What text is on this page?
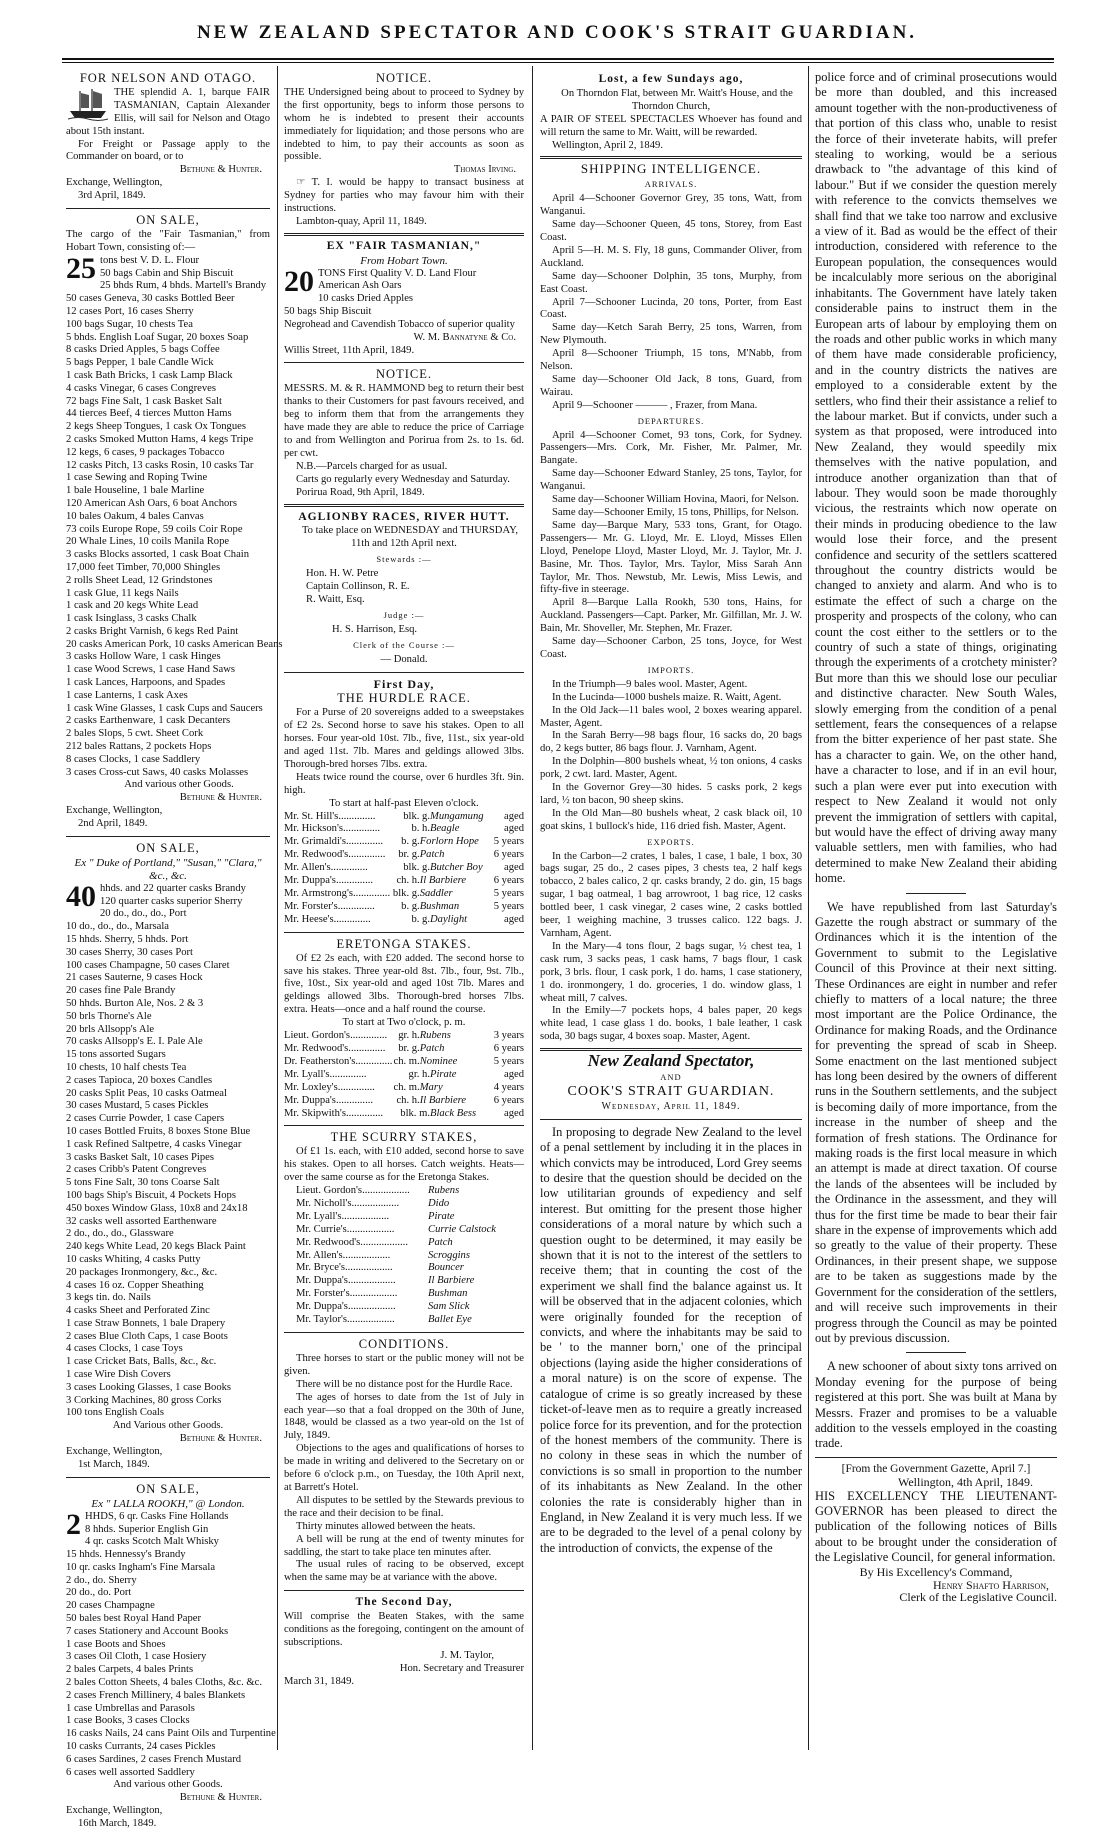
NEW ZEALAND SPECTATOR AND COOK'S STRAIT GUARDIAN.
FOR NELSON AND OTAGO.
THE splendid A. 1, barque FAIR TASMANIAN, Captain Alexander Ellis, will sail for Nelson and Otago about 15th instant.
For Freight or Passage apply to the Commander on board, or to
Bethune & Hunter.
Exchange, Wellington,
3rd April, 1849.
ON SALE,
The cargo of the "Fair Tasmanian," from Hobart Town, consisting of:—
25 tons best V. D. L. Flour
50 bags Cabin and Ship Biscuit
25 bhds Rum, 4 bhds. Martell's Brandy
50 cases Geneva, 30 casks Bottled Beer
12 cases Port, 16 cases Sherry
100 bags Sugar, 10 chests Tea
5 bhds. English Loaf Sugar, 20 boxes Soap
8 casks Dried Apples, 5 bags Coffee
5 bags Pepper, 1 bale Candle Wick
1 cask Bath Bricks, 1 cask Lamp Black
4 casks Vinegar, 6 cases Congreves
72 bags Fine Salt, 1 cask Basket Salt
44 tierces Beef, 4 tierces Mutton Hams
2 kegs Sheep Tongues, 1 cask Ox Tongues
2 casks Smoked Mutton Hams, 4 kegs Tripe
12 kegs, 6 cases, 9 packages Tobacco
12 casks Pitch, 13 casks Rosin, 10 casks Tar
1 case Sewing and Roping Twine
1 bale Houseline, 1 bale Marline
120 American Ash Oars, 6 boat Anchors
10 bales Oakum, 4 bales Canvas
73 coils Europe Rope, 59 coils Coir Rope
20 Whale Lines, 10 coils Manila Rope
3 casks Blocks assorted, 1 cask Boat Chain
17,000 feet Timber, 70,000 Shingles
2 rolls Sheet Lead, 12 Grindstones
1 cask Glue, 11 kegs Nails
1 cask and 20 kegs White Lead
1 cask Isinglass, 3 casks Chalk
2 casks Bright Varnish, 6 kegs Red Paint
20 casks American Pork, 10 casks American Beans
3 casks Hollow Ware, 1 cask Hinges
1 case Wood Screws, 1 case Hand Saws
1 cask Lances, Harpoons, and Spades
1 case Lanterns, 1 cask Axes
1 cask Wine Glasses, 1 cask Cups and Saucers
2 casks Earthenware, 1 cask Decanters
2 bales Slops, 5 cwt. Sheet Cork
212 bales Rattans, 2 pockets Hops
8 cases Clocks, 1 case Saddlery
3 cases Cross-cut Saws, 40 casks Molasses
And various other Goods.
Bethune & Hunter.
Exchange, Wellington,
2nd April, 1849.
ON SALE,
Ex " Duke of Portland," "Susan," "Clara," &c., &c.
40 hhds. and 22 quarter casks Brandy
120 quarter casks superior Sherry
20 do., do., do., Port
10 do., do., do., Marsala
15 hhds. Sherry, 5 hhds. Port
30 cases Sherry, 30 cases Port
100 cases Champagne, 50 cases Claret
21 cases Sauterne, 9 cases Hock
20 cases fine Pale Brandy
50 hhds. Burton Ale, Nos. 2 & 3
50 brls Thorne's Ale
20 brls Allsopp's Ale
70 casks Allsopp's E. I. Pale Ale
15 tons assorted Sugars
10 chests, 10 half chests Tea
2 cases Tapioca, 20 boxes Candles
20 casks Split Peas, 10 casks Oatmeal
30 cases Mustard, 5 cases Pickles
2 cases Currie Powder, 1 case Capers
10 cases Bottled Fruits, 8 boxes Stone Blue
1 cask Refined Saltpetre, 4 casks Vinegar
3 casks Basket Salt, 10 cases Pipes
2 cases Cribb's Patent Congreves
5 tons Fine Salt, 30 tons Coarse Salt
100 bags Ship's Biscuit, 4 Pockets Hops
450 boxes Window Glass, 10x8 and 24x18
32 casks well assorted Earthenware
2 do., do., do., Glassware
240 kegs White Lead, 20 kegs Black Paint
10 casks Whiting, 4 casks Putty
20 packages Ironmongery, &c., &c.
4 cases 16 oz. Copper Sheathing
3 kegs tin. do. Nails
4 casks Sheet and Perforated Zinc
1 case Straw Bonnets, 1 bale Drapery
2 cases Blue Cloth Caps, 1 case Boots
4 cases Clocks, 1 case Toys
1 case Cricket Bats, Balls, &c., &c.
1 case Wire Dish Covers
3 cases Looking Glasses, 1 case Books
3 Corking Machines, 80 gross Corks
100 tons English Coals
And Various other Goods.
Bethune & Hunter.
Exchange, Wellington,
1st March, 1849.
ON SALE,
Ex " LALLA ROOKH," @ London.
2 HHDS, 6 qr. Casks Fine Hollands
8 hhds. Superior English Gin
4 qr. casks Scotch Malt Whisky
15 hhds. Hennessy's Brandy
10 qr. casks Ingham's Fine Marsala
2 do., do. Sherry
20 do., do. Port
20 cases Champagne
50 bales best Royal Hand Paper
7 cases Stationery and Account Books
1 case Boots and Shoes
3 cases Oil Cloth, 1 case Hosiery
2 bales Carpets, 4 bales Prints
2 bales Cotton Sheets, 4 bales Cloths, &c. &c.
2 cases French Millinery, 4 bales Blankets
1 case Umbrellas and Parasols
1 case Books, 3 cases Clocks
16 casks Nails, 24 cans Paint Oils and Turpentine
10 casks Currants, 24 cases Pickles
6 cases Sardines, 2 cases French Mustard
6 cases well assorted Saddlery
And various other Goods.
Bethune & Hunter.
Exchange, Wellington,
16th March, 1849.
NOTICE.
THE Undersigned being about to proceed to Sydney by the first opportunity, begs to inform those persons to whom he is indebted to present their accounts immediately for liquidation; and those persons who are indebted to him, to pay their accounts as soon as possible.
Thomas Irving.
☞ T. I. would be happy to transact business at Sydney for parties who may favour him with their instructions.
Lambton-quay, April 11, 1849.
EX "FAIR TASMANIAN,"
From Hobart Town.
20 TONS First Quality V. D. Land Flour
American Ash Oars
10 casks Dried Apples
50 bags Ship Biscuit
Negrohead and Cavendish Tobacco of superior quality
W. M. Bannatyne & Co.
Willis Street, 11th April, 1849.
NOTICE.
MESSRS. M. & R. HAMMOND beg to return their best thanks to their Customers for past favours received, and beg to inform them that from the arrangements they have made they are able to reduce the price of Carriage to and from Wellington and Porirua from 2s. to 1s. 6d. per cwt.
N.B.—Parcels charged for as usual.
Carts go regularly every Wednesday and Saturday.
Porirua Road, 9th April, 1849.
AGLIONBY RACES, RIVER HUTT.
To take place on WEDNESDAY and THURSDAY, 11th and 12th April next.
Stewards :—
Hon. H. W. Petre
Captain Collinson, R. E.
R. Waitt, Esq.
Judge :—
H. S. Harrison, Esq.
Clerk of the Course :—
— Donald.
First Day,
THE HURDLE RACE.
For a Purse of 20 sovereigns added to a sweepstakes of £2 2s. Second horse to save his stakes. Open to all horses. Four year-old 10st. 7lb., five, 11st., six year-old and aged 11st. 7lb. Mares and geldings allowed 3lbs. Thorough-bred horses 7lbs. extra.
Heats twice round the course, over 6 hurdles 3ft. 9in. high.
To start at half-past Eleven o'clock.
Mr. St. Hill's ..............	blk. g. Mungamung	aged
Mr. Hickson's ..............	b. h. Beagle	aged
Mr. Grimaldi's ..............	b. g. Forlorn Hope	5 years
Mr. Redwood's ..............	br. g. Patch	6 years
Mr. Allen's ..............	blk. g. Butcher Boy	aged
Mr. Duppa's ..............	ch. h. Il Barbiere	6 years
Mr. Armstrong's .............. blk. g. Saddler	5 years
Mr. Forster's ..............	b. g. Bushman	5 years
Mr. Heese's ..............	b. g. Daylight	aged
ERETONGA STAKES.
Of £2 2s each, with £20 added. The second horse to save his stakes. Three year-old 8st. 7lb., four, 9st. 7lb., five, 10st., Six year-old and aged 10st 7lb. Mares and geldings allowed 3lbs. Thorough-bred horses 7lbs. extra. Heats—once and a half round the course.
To start at Two o'clock, p. m.
Lieut. Gordon's ..............	gr. h. Rubens	3 years
Mr. Redwood's ..............	br. g. Patch	6 years
Dr. Featherston's .............. ch. m. Nominee	5 years
Mr. Lyall's ..............	gr. h. Pirate	aged
Mr. Loxley's ..............	ch. m. Mary	4 years
Mr. Duppa's ..............	ch. h. Il Barbiere	6 years
Mr. Skipwith's ..............	blk. m. Black Bess	aged
THE SCURRY STAKES,
Of £1 1s. each, with £10 added, second horse to save his stakes. Open to all horses. Catch weights. Heats—over the same course as for the Eretonga Stakes.
Lieut. Gordon's ..................	Rubens
Mr. Nicholl's ..................	Dido
Mr. Lyall's ..................	Pirate
Mr. Currie's ..................	Currie Calstock
Mr. Redwood's ..................	Patch
Mr. Allen's ..................	Scroggins
Mr. Bryce's ..................	Bouncer
Mr. Duppa's ..................	Il Barbiere
Mr. Forster's ..................	Bushman
Mr. Duppa's ..................	Sam Slick
Mr. Taylor's ..................	Ballet Eye
CONDITIONS.
Three horses to start or the public money will not be given.
There will be no distance post for the Hurdle Race.
The ages of horses to date from the 1st of July in each year—so that a foal dropped on the 30th of June, 1848, would be classed as a two year-old on the 1st of July, 1849.
Objections to the ages and qualifications of horses to be made in writing and delivered to the Secretary on or before 6 o'clock p.m., on Tuesday, the 10th April next, at Barrett's Hotel.
All disputes to be settled by the Stewards previous to the race and their decision to be final.
Thirty minutes allowed between the heats.
A bell will be rung at the end of twenty minutes for saddling, the start to take place ten minutes after.
The usual rules of racing to be observed, except when the same may be at variance with the above.
The Second Day,
Will comprise the Beaten Stakes, with the same conditions as the foregoing, contingent on the amount of subscriptions.
J. M. Taylor,
Hon. Secretary and Treasurer
March 31, 1849.
Lost, a few Sundays ago,
On Thorndon Flat, between Mr. Waitt's House, and the Thorndon Church,
A PAIR OF STEEL SPECTACLES Whoever has found and will return the same to Mr. Waitt, will be rewarded.
Wellington, April 2, 1849.
SHIPPING INTELLIGENCE.
ARRIVALS.
April 4—Schooner Governor Grey, 35 tons, Watt, from Wanganui.
Same day—Schooner Queen, 45 tons, Storey, from East Coast.
April 5—H. M. S. Fly, 18 guns, Commander Oliver, from Auckland.
Same day—Schooner Dolphin, 35 tons, Murphy, from East Coast.
April 7—Schooner Lucinda, 20 tons, Porter, from East Coast.
Same day—Ketch Sarah Berry, 25 tons, Warren, from New Plymouth.
April 8—Schooner Triumph, 15 tons, M'Nabb, from Nelson.
Same day—Schooner Old Jack, 8 tons, Guard, from Wairau.
April 9—Schooner ——— , Frazer, from Mana.
DEPARTURES.
April 4—Schooner Comet, 93 tons, Cork, for Sydney. Passengers—Mrs. Cork, Mr. Fisher, Mr. Palmer, Mr. Bangate.
Same day—Schooner Edward Stanley, 25 tons, Taylor, for Wanganui.
Same day—Schooner William Hovina, Maori, for Nelson.
Same day—Schooner Emily, 15 tons, Phillips, for Nelson.
Same day—Barque Mary, 533 tons, Grant, for Otago. Passengers— Mr. G. Lloyd, Mr. E. Lloyd, Misses Ellen Lloyd, Penelope Lloyd, Master Lloyd, Mr. J. Taylor, Mr. J. Basine, Mr. Thos. Taylor, Mrs. Taylor, Miss Sarah Ann Taylor, Mr. Thos. Newstub, Mr. Lewis, Miss Lewis, and fifty-five in steerage.
April 8—Barque Lalla Rookh, 530 tons, Hains, for Auckland. Passengers—Capt. Parker, Mr. Gilfillan, Mr. J. W. Bain, Mr. Shoveller, Mr. Stephen, Mr. Frazer.
Same day—Schooner Carbon, 25 tons, Joyce, for West Coast.
IMPORTS.
In the Triumph—9 bales wool. Master, Agent.
In the Lucinda—1000 bushels maize. R. Waitt, Agent.
In the Old Jack—11 bales wool, 2 boxes wearing apparel. Master, Agent.
In the Sarah Berry—98 bags flour, 16 sacks do, 20 bags do, 2 kegs butter, 86 bags flour. J. Varnham, Agent.
In the Dolphin—800 bushels wheat, ½ ton onions, 4 casks pork, 2 cwt. lard. Master, Agent.
In the Governor Grey—30 hides. 5 casks pork, 2 kegs lard, ½ ton bacon, 90 sheep skins.
In the Old Man—80 bushels wheat, 2 cask black oil, 10 goat skins, 1 bullock's hide, 116 dried fish. Master, Agent.
EXPORTS.
In the Carbon—2 crates, 1 bales, 1 case, 1 bale, 1 box, 30 bags sugar, 25 do., 2 cases pipes, 3 chests tea, 2 half kegs tobacco, 2 bales calico, 2 qr. casks brandy, 2 do. gin, 15 bags sugar, 1 bag oatmeal, 1 bag arrowroot, 1 bag rice, 12 casks bottled beer, 1 cask vinegar, 2 cases wine, 2 casks bottled beer, 1 weighing machine, 3 trusses calico. 122 bags. J. Varnham, Agent.
In the Mary—4 tons flour, 2 bags sugar, ½ chest tea, 1 cask rum, 3 sacks peas, 1 cask hams, 7 bags flour, 1 cask pork, 3 brls. flour, 1 cask pork, 1 do. hams, 1 case stationery, 1 do. ironmongery, 1 do. groceries, 1 do. window glass, 1 wheat mill, 7 calves.
In the Emily—7 pockets hops, 4 bales paper, 20 kegs white lead, 1 case glass 1 do. books, 1 bale leather, 1 cask soda, 30 bags sugar, 4 boxes soap. Master, Agent.
New Zealand Spectator,
AND
COOK'S STRAIT GUARDIAN.
Wednesday, April 11, 1849.
In proposing to degrade New Zealand to the level of a penal settlement by including it in the places in which convicts may be introduced, Lord Grey seems to desire that the question should be decided on the low utilitarian grounds of expediency and self interest. But omitting for the present those higher considerations of a moral nature by which such a question ought to be determined, it may easily be shown that it is not to the interest of the settlers to receive them; that in counting the cost of the experiment we shall find the balance against us. It will be observed that in the adjacent colonies, which were originally founded for the reception of convicts, and where the inhabitants may be said to be ' to the manner born,' one of the principal objections (laying aside the higher considerations of a moral nature) is on the score of expense. The catalogue of crime is so greatly increased by these ticket-of-leave men as to require a greatly increased police force for its prevention, and for the protection of the honest members of the community. There is no colony in these seas in which the number of convictions is so small in proportion to the number of its inhabitants as New Zealand. In the other colonies the rate is considerably higher than in England, in New Zealand it is very much less. If we are to be degraded to the level of a penal colony by the introduction of convicts, the expense of the
police force and of criminal prosecutions would be more than doubled, and this increased amount together with the non-productiveness of that portion of this class who, unable to resist the force of their inveterate habits, will prefer stealing to working, would be a serious drawback to "the advantage of this kind of labour." But if we consider the question merely with reference to the convicts themselves we shall find that we take too narrow and exclusive a view of it. Bad as would be the effect of their introduction, considered with reference to the European population, the consequences would be incalculably more serious on the aboriginal inhabitants. The Government have lately taken considerable pains to instruct them in the European arts of labour by employing them on the roads and other public works in which many of them have made considerable proficiency, and in the country districts the natives are employed to a considerable extent by the settlers, who find their their assistance a relief to the labour market. But if convicts, under such a system as that proposed, were introduced into New Zealand, they would speedily mix themselves with the native population, and introduce another organization than that of labour. They would soon be made thoroughly vicious, the restraints which now operate on their minds in producing obedience to the law would lose their force, and the present confidence and security of the settlers scattered throughout the country districts would be changed to anxiety and alarm. And who is to estimate the effect of such a charge on the prosperity and prospects of the colony, who can count the cost either to the settlers or to the country of such a state of things, originating through the experiments of a crotchety minister? But more than this we should lose our peculiar and distinctive character. New South Wales, slowly emerging from the condition of a penal settlement, fears the consequences of a relapse from the bitter experience of her past state. She has a character to gain. We, on the other hand, have a character to lose, and if in an evil hour, such a plan were ever put into execution with respect to New Zealand it would not only prevent the immigration of settlers with capital, but would have the effect of driving away many valuable settlers, men with families, who had determined to make New Zealand their abiding home.
We have republished from last Saturday's Gazette the rough abstract or summary of the Ordinances which it is the intention of the Government to submit to the Legislative Council of this Province at their next sitting. These Ordinances are eight in number and refer chiefly to matters of a local nature; the three most important are the Police Ordinance, the Ordinance for making Roads, and the Ordinance for preventing the spread of scab in Sheep. Some enactment on the last mentioned subject has long been desired by the owners of different runs in the Southern settlements, and the subject is becoming daily of more importance, from the increase in the number of sheep and the formation of fresh stations. The Ordinance for making roads is the first local measure in which an attempt is made at direct taxation. Of course the lands of the absentees will be included by the Ordinance in the assessment, and they will thus for the first time be made to bear their fair share in the expense of improvements which add so greatly to the value of their property. These Ordinances, in their present shape, we suppose are to be taken as suggestions made by the Government for the consideration of the settlers, and will receive such improvements in their progress through the Council as may be pointed out by previous discussion.
A new schooner of about sixty tons arrived on Monday evening for the purpose of being registered at this port. She was built at Mana by Messrs. Frazer and promises to be a valuable addition to the vessels employed in the coasting trade.
[From the Government Gazette, April 7.]
Wellington, 4th April, 1849.
HIS EXCELLENCY THE LIEUTENANT-GOVERNOR has been pleased to direct the publication of the following notices of Bills about to be brought under the consideration of the Legislative Council, for general information.
By His Excellency's Command,
Henry Shafto Harrison,
Clerk of the Legislative Council.
